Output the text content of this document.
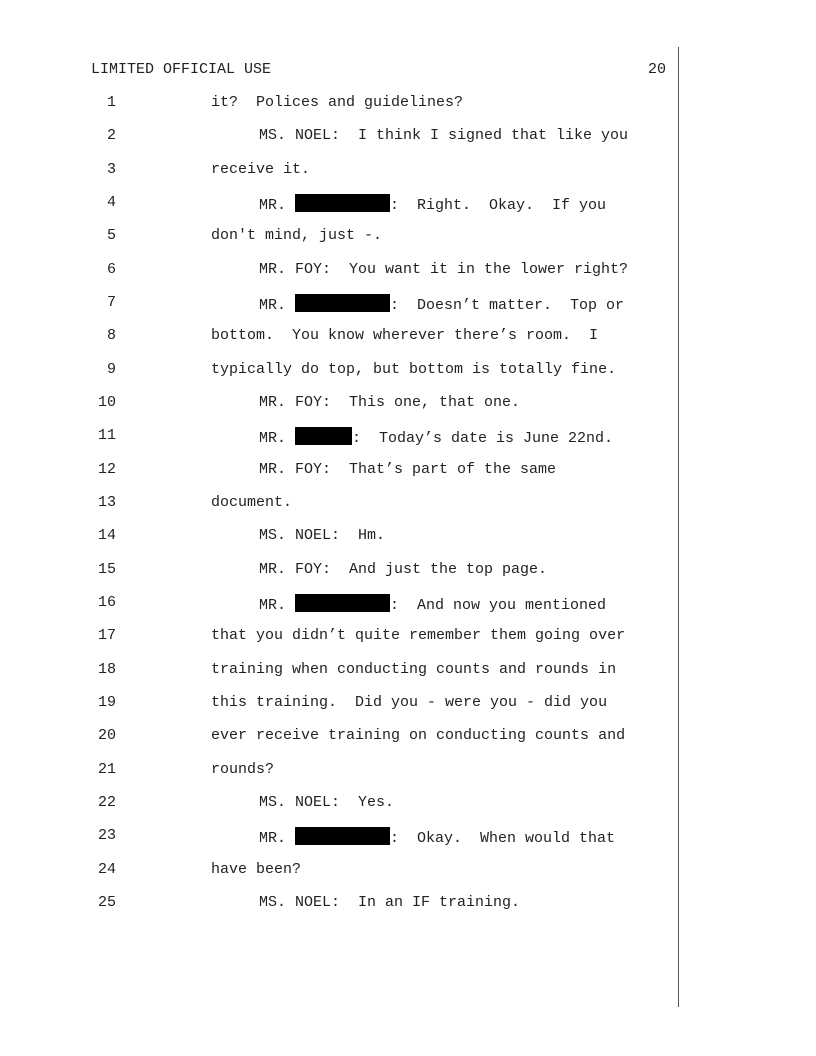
LIMITED OFFICIAL USE	20
1	it?  Polices and guidelines?
2	MS. NOEL:  I think I signed that like you
3	receive it.
4	MR.	:  Right.  Okay.  If you
5	don't mind, just -.
6	MR. FOY:  You want it in the lower right?
7	MR.	:  Doesn’t matter.  Top or
8	bottom.  You know wherever there’s room.  I
9	typically do top, but bottom is totally fine.
10	MR. FOY:  This one, that one.
11	MR.	:  Today’s date is June 22nd.
12	MR. FOY:  That’s part of the same
13	document.
14	MS. NOEL:  Hm.
15	MR. FOY:  And just the top page.
16	MR.	:  And now you mentioned
17	that you didn’t quite remember them going over
18	training when conducting counts and rounds in
19	this training.  Did you - were you - did you
20	ever receive training on conducting counts and
21	rounds?
22	MS. NOEL:  Yes.
23	MR.	:  Okay.  When would that
24	have been?
25	MS. NOEL:  In an IF training.
